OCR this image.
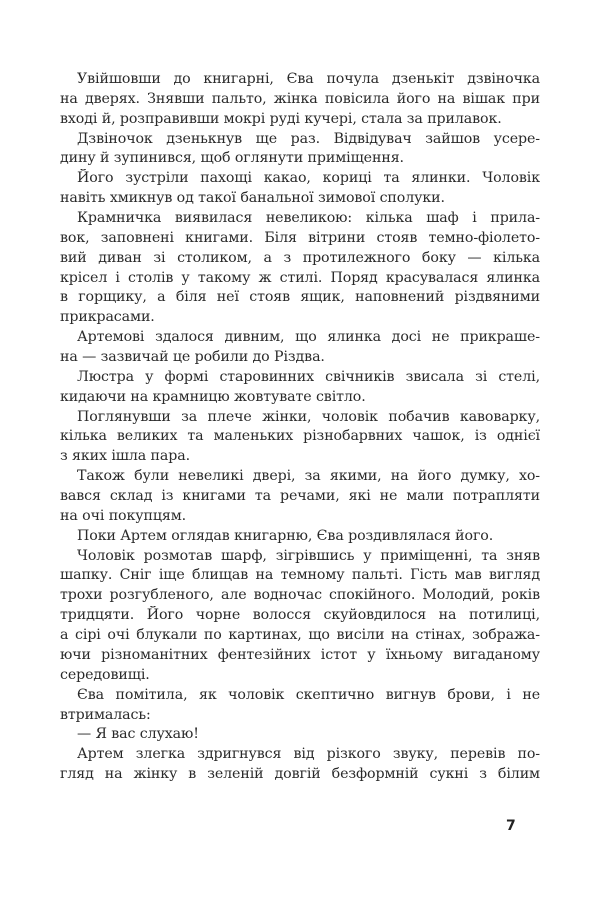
Увійшовши до книгарні, Єва почула дзенькіт дзвіночка
на дверях. Знявши пальто, жінка повісила його на вішак при
вході й, розправивши мокрі руді кучері, стала за прилавок.
Дзвіночок дзенькнув ще раз. Відвідувач зайшов усере-
дину й зупинився, щоб оглянути приміщення.
Його зустріли пахощі какао, кориці та ялинки. Чоловік
навіть хмикнув од такої банальної зимової сполуки.
Крамничка виявилася невеликою: кілька шаф і прила-
вок, заповнені книгами. Біля вітрини стояв темно-фіолето-
вий диван зі столиком, а з протилежного боку — кілька
крісел і столів у такому ж стилі. Поряд красувалася ялинка
в горщику, а біля неї стояв ящик, наповнений різдвяними
прикрасами.
Артемові здалося дивним, що ялинка досі не прикраше-
на — зазвичай це робили до Різдва.
Люстра у формі старовинних свічників звисала зі стелі,
кидаючи на крамницю жовтувате світло.
Поглянувши за плече жінки, чоловік побачив кавоварку,
кілька великих та маленьких різнобарвних чашок, із однієї
з яких ішла пара.
Також були невеликі двері, за якими, на його думку, хо-
вався склад із книгами та речами, які не мали потрапляти
на очі покупцям.
Поки Артем оглядав книгарню, Єва роздивлялася його.
Чоловік розмотав шарф, зігрівшись у приміщенні, та зняв
шапку. Сніг іще блищав на темному пальті. Гість мав вигляд
трохи розгубленого, але водночас спокійного. Молодий, років
тридцяти. Його чорне волосся скуйовдилося на потилиці,
а сірі очі блукали по картинах, що висіли на стінах, зобража-
ючи різноманітних фентезійних істот у їхньому вигаданому
середовищі.
Єва помітила, як чоловік скептично вигнув брови, і не
втрималась:
— Я вас слухаю!
Артем злегка здригнувся від різкого звуку, перевів по-
гляд на жінку в зеленій довгій безформній сукні з білим
7
